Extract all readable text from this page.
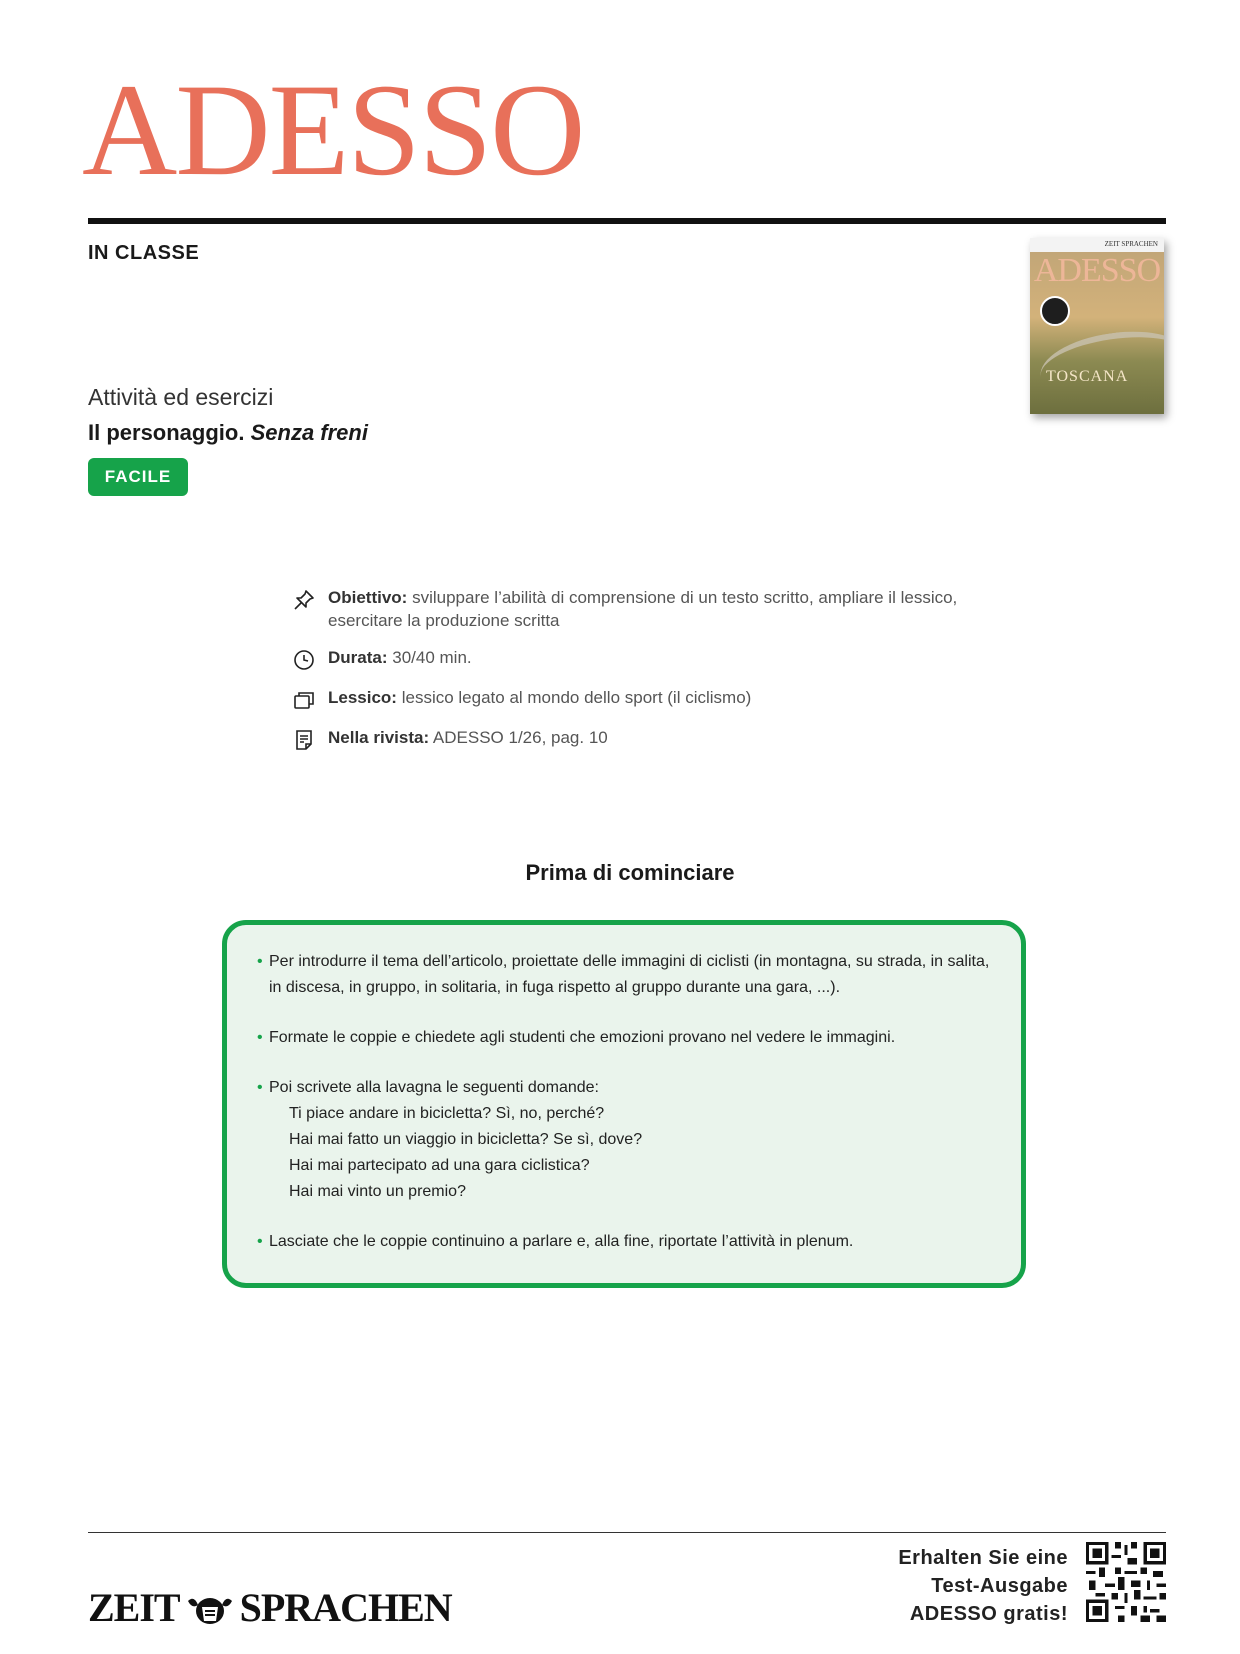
ADESSO
IN CLASSE	ZEIT SPRACHEN
ADESSO
TOSCANA
Attività ed esercizi
Il personaggio. Senza freni
FACILE
Obiettivo: sviluppare l’abilità di comprensione di un testo scritto, ampliare il lessico, esercitare la produzione scritta
Durata: 30/40 min.
Lessico: lessico legato al mondo dello sport (il ciclismo)
Nella rivista: ADESSO 1/26, pag. 10
Prima di cominciare
• Per introdurre il tema dell’articolo, proiettate delle immagini di ciclisti (in montagna, su strada, in salita, in discesa, in gruppo, in solitaria, in fuga rispetto al gruppo durante una gara, ...).
• Formate le coppie e chiedete agli studenti che emozioni provano nel vedere le immagini.
• Poi scrivete alla lavagna le seguenti domande:
Ti piace andare in bicicletta? Sì, no, perché?
Hai mai fatto un viaggio in bicicletta? Se sì, dove?
Hai mai partecipato ad una gara ciclistica?
Hai mai vinto un premio?
• Lasciate che le coppie continuino a parlare e, alla fine, riportate l’attività in plenum.
ZEIT SPRACHEN
Erhalten Sie eine
Test-Ausgabe
ADESSO gratis!
